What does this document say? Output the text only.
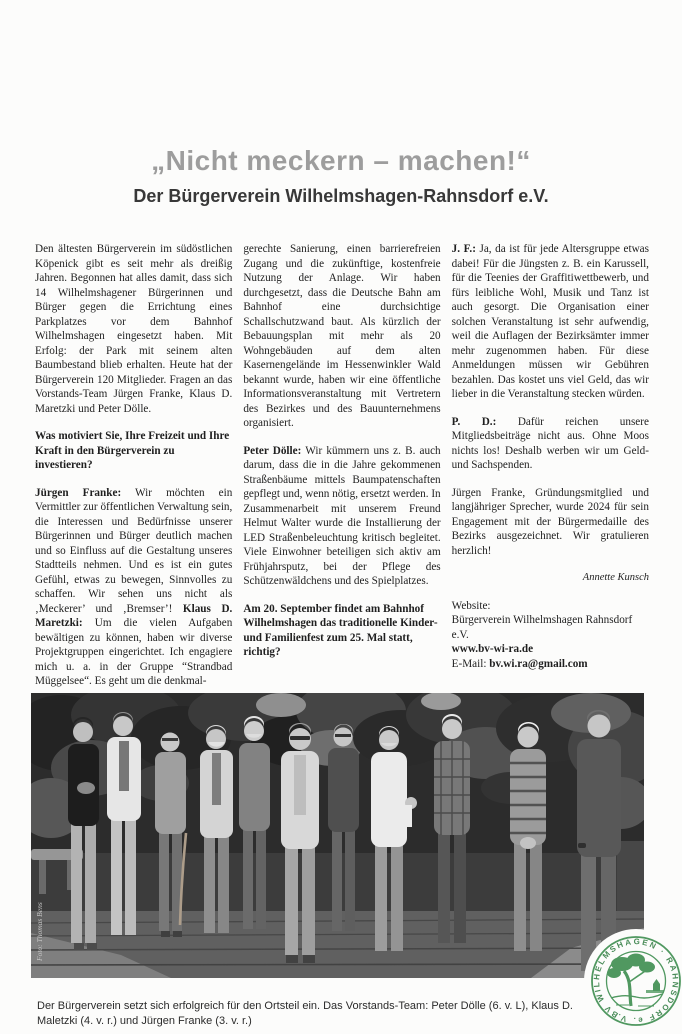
„Nicht meckern – machen!“
Der Bürgerverein Wilhelmshagen-Rahnsdorf e.V.

Den ältesten Bürgerverein im südöstlichen Köpenick gibt es seit mehr als dreißig Jahren. Begonnen hat alles damit, dass sich 14 Wilhelmshagener Bürgerinnen und Bürger gegen die Errichtung eines Parkplatzes vor dem Bahnhof Wilhelmshagen eingesetzt haben. Mit Erfolg: der Park mit seinem alten Baumbestand blieb erhalten. Heute hat der Bürgerverein 120 Mitglieder. Fragen an das Vorstands-Team Jürgen Franke, Klaus D. Maretzki und Peter Dölle.

Was motiviert Sie, Ihre Freizeit und Ihre Kraft in den Bürgerverein zu investieren?

Jürgen Franke: Wir möchten ein Vermittler zur öffentlichen Verwaltung sein, die Interessen und Bedürfnisse unserer Bürgerinnen und Bürger deutlich machen und so Einfluss auf die Gestaltung unseres Stadtteils nehmen. Und es ist ein gutes Gefühl, etwas zu bewegen, Sinnvolles zu schaffen. Wir sehen uns nicht als ‚Meckerer’ und ‚Bremser’! Klaus D. Maretzki: Um die vielen Aufgaben bewältigen zu können, haben wir diverse Projektgruppen eingerichtet. Ich engagiere mich u. a. in der Gruppe “Strandbad Müggelsee“. Es geht um die denkmal-

gerechte Sanierung, einen barrierefreien Zugang und die zukünftige, kostenfreie Nutzung der Anlage. Wir haben durchgesetzt, dass die Deutsche Bahn am Bahnhof eine durchsichtige Schallschutzwand baut. Als kürzlich der Bebauungsplan mit mehr als 20 Wohngebäuden auf dem alten Kasernengelände im Hessenwinkler Wald bekannt wurde, haben wir eine öffentliche Informationsveranstaltung mit Vertretern des Bezirkes und des Bauunternehmens organisiert.

Peter Dölle: Wir kümmern uns z. B. auch darum, dass die in die Jahre gekommenen Straßenbäume mittels Baumpatenschaften gepflegt und, wenn nötig, ersetzt werden. In Zusammenarbeit mit unserem Freund Helmut Walter wurde die Installierung der LED Straßenbeleuchtung kritisch begleitet. Viele Einwohner beteiligen sich aktiv am Frühjahrsputz, bei der Pflege des Schützenwäldchens und des Spielplatzes.

Am 20. September findet am Bahnhof Wilhelmshagen das traditionelle Kinder- und Familienfest zum 25. Mal statt, richtig?

J. F.: Ja, da ist für jede Altersgruppe etwas dabei! Für die Jüngsten z. B. ein Karussell, für die Teenies der Graffitiwettbewerb, und fürs leibliche Wohl, Musik und Tanz ist auch gesorgt. Die Organisation einer solchen Veranstaltung ist sehr aufwendig, weil die Auflagen der Bezirksämter immer mehr zugenommen haben. Für diese Anmeldungen müssen wir Gebühren bezahlen. Das kostet uns viel Geld, das wir lieber in die Veranstaltung stecken würden.

P. D.: Dafür reichen unsere Mitgliedsbeiträge nicht aus. Ohne Moos nichts los! Deshalb werben wir um Geld- und Sachspenden.

Jürgen Franke, Gründungsmitglied und langjähriger Sprecher, wurde 2024 für sein Engagement mit der Bürgermedaille des Bezirks ausgezeichnet. Wir gratulieren herzlich!

Annette Kunsch

Website:

Bürgerverein Wilhelmshagen Rahnsdorf e.V.

www.bv-wi-ra.de

E-Mail: bv.wi.ra@gmail.com

Foto: Thomas Bens
BV WILHELMSHAGEN · RAHNSDORF e. V.

Der Bürgerverein setzt sich erfolgreich für den Ortsteil ein. Das Vorstands-Team: Peter Dölle (6. v. L), Klaus D. Maletzki (4. v. r.) und Jürgen Franke (3. v. r.)
